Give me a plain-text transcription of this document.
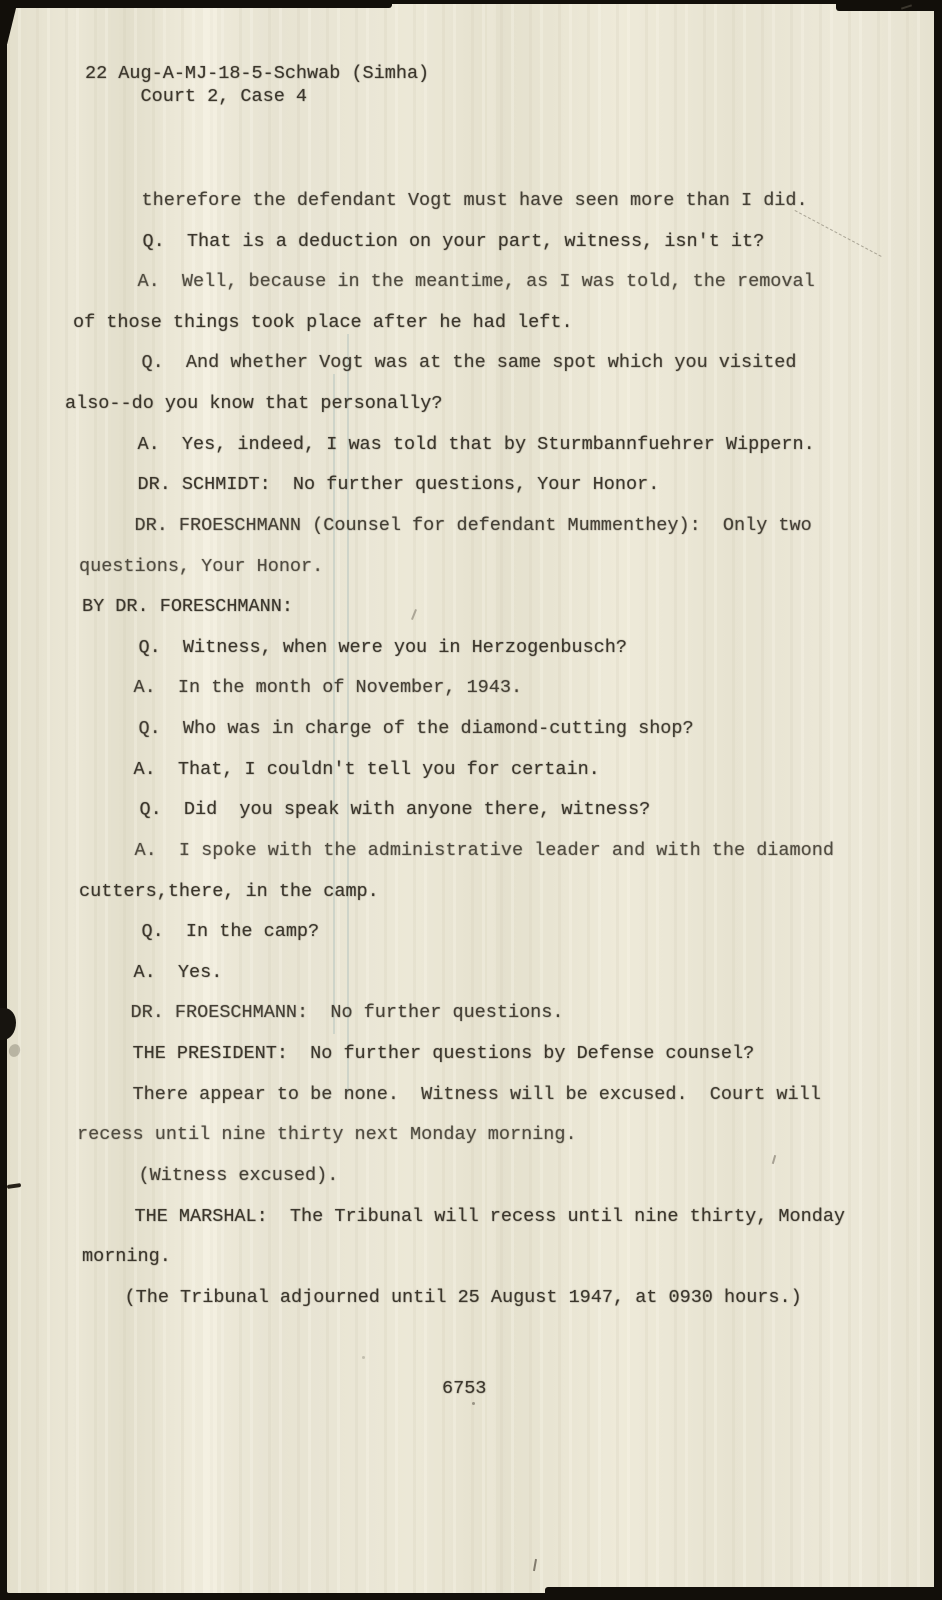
22 Aug-A-MJ-18-5-Schwab (Simha)
Court 2, Case 4
therefore the defendant Vogt must have seen more than I did.
Q.  That is a deduction on your part, witness, isn't it?
A.  Well, because in the meantime, as I was told, the removal
of those things took place after he had left.
Q.  And whether Vogt was at the same spot which you visited
also--do you know that personally?
A.  Yes, indeed, I was told that by Sturmbannfuehrer Wippern.
DR. SCHMIDT:  No further questions, Your Honor.
DR. FROESCHMANN (Counsel for defendant Mummenthey):  Only two
questions, Your Honor.
BY DR. FORESCHMANN:
Q.  Witness, when were you in Herzogenbusch?
A.  In the month of November, 1943.
Q.  Who was in charge of the diamond-cutting shop?
A.  That, I couldn't tell you for certain.
Q.  Did  you speak with anyone there, witness?
A.  I spoke with the administrative leader and with the diamond
cutters,there, in the camp.
Q.  In the camp?
A.  Yes.
DR. FROESCHMANN:  No further questions.
THE PRESIDENT:  No further questions by Defense counsel?
There appear to be none.  Witness will be excused.  Court will
recess until nine thirty next Monday morning.
(Witness excused).
THE MARSHAL:  The Tribunal will recess until nine thirty, Monday
morning.
(The Tribunal adjourned until 25 August 1947, at 0930 hours.)
6753
